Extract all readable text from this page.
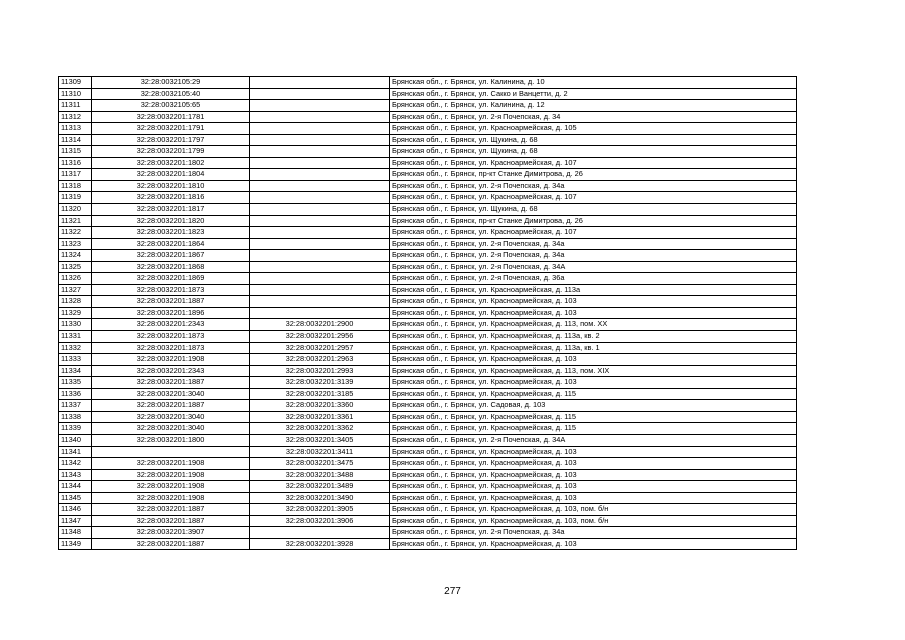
11309	32:28:0032105:29		Брянская обл., г. Брянск, ул. Калинина, д. 10
11310	32:28:0032105:40		Брянская обл., г. Брянск, ул. Сакко и Ванцетти, д. 2
11311	32:28:0032105:65		Брянская обл., г. Брянск, ул. Калинина, д. 12
11312	32:28:0032201:1781		Брянская обл., г. Брянск, ул. 2-я Почепская, д. 34
11313	32:28:0032201:1791		Брянская обл., г. Брянск, ул. Красноармейская, д. 105
11314	32:28:0032201:1797		Брянская обл., г. Брянск, ул. Щукина, д. 68
11315	32:28:0032201:1799		Брянская обл., г. Брянск, ул. Щукина, д. 68
11316	32:28:0032201:1802		Брянская обл., г. Брянск, ул. Красноармейская, д. 107
11317	32:28:0032201:1804		Брянская обл., г. Брянск, пр-кт Станке Димитрова, д. 26
11318	32:28:0032201:1810		Брянская обл., г. Брянск, ул. 2-я Почепская, д. 34а
11319	32:28:0032201:1816		Брянская обл., г. Брянск, ул. Красноармейская, д. 107
11320	32:28:0032201:1817		Брянская обл., г. Брянск, ул. Щукина, д. 68
11321	32:28:0032201:1820		Брянская обл., г. Брянск, пр-кт Станке Димитрова, д. 26
11322	32:28:0032201:1823		Брянская обл., г. Брянск, ул. Красноармейская, д. 107
11323	32:28:0032201:1864		Брянская обл., г. Брянск, ул. 2-я Почепская, д. 34а
11324	32:28:0032201:1867		Брянская обл., г. Брянск, ул. 2-я Почепская, д. 34а
11325	32:28:0032201:1868		Брянская обл., г. Брянск, ул. 2-я Почепская, д. 34А
11326	32:28:0032201:1869		Брянская обл., г. Брянск, ул. 2-я Почепская, д. 36а
11327	32:28:0032201:1873		Брянская обл., г. Брянск, ул. Красноармейская, д. 113а
11328	32:28:0032201:1887		Брянская обл., г. Брянск, ул. Красноармейская, д. 103
11329	32:28:0032201:1896		Брянская обл., г. Брянск, ул. Красноармейская, д. 103
11330	32:28:0032201:2343	32:28:0032201:2900	Брянская обл., г. Брянск, ул. Красноармейская, д. 113, пом. XX
11331	32:28:0032201:1873	32:28:0032201:2956	Брянская обл., г. Брянск, ул. Красноармейская, д. 113а, кв. 2
11332	32:28:0032201:1873	32:28:0032201:2957	Брянская обл., г. Брянск, ул. Красноармейская, д. 113а, кв. 1
11333	32:28:0032201:1908	32:28:0032201:2963	Брянская обл., г. Брянск, ул. Красноармейская, д. 103
11334	32:28:0032201:2343	32:28:0032201:2993	Брянская обл., г. Брянск, ул. Красноармейская, д. 113, пом. XIX
11335	32:28:0032201:1887	32:28:0032201:3139	Брянская обл., г. Брянск, ул. Красноармейская, д. 103
11336	32:28:0032201:3040	32:28:0032201:3185	Брянская обл., г. Брянск, ул. Красноармейская, д. 115
11337	32:28:0032201:1887	32:28:0032201:3360	Брянская обл., г. Брянск, ул. Садовая, д. 103
11338	32:28:0032201:3040	32:28:0032201:3361	Брянская обл., г. Брянск, ул. Красноармейская, д. 115
11339	32:28:0032201:3040	32:28:0032201:3362	Брянская обл., г. Брянск, ул. Красноармейская, д. 115
11340	32:28:0032201:1800	32:28:0032201:3405	Брянская обл., г. Брянск, ул. 2-я Почепская, д. 34А
11341		32:28:0032201:3411	Брянская обл., г. Брянск, ул. Красноармейская, д. 103
11342	32:28:0032201:1908	32:28:0032201:3475	Брянская обл., г. Брянск, ул. Красноармейская, д. 103
11343	32:28:0032201:1908	32:28:0032201:3488	Брянская обл., г. Брянск, ул. Красноармейская, д. 103
11344	32:28:0032201:1908	32:28:0032201:3489	Брянская обл., г. Брянск, ул. Красноармейская, д. 103
11345	32:28:0032201:1908	32:28:0032201:3490	Брянская обл., г. Брянск, ул. Красноармейская, д. 103
11346	32:28:0032201:1887	32:28:0032201:3905	Брянская обл., г. Брянск, ул. Красноармейская, д. 103, пом. б/н
11347	32:28:0032201:1887	32:28:0032201:3906	Брянская обл., г. Брянск, ул. Красноармейская, д. 103, пом. б/н
11348	32:28:0032201:3907		Брянская обл., г. Брянск, ул. 2-я Почепская, д. 34а
11349	32:28:0032201:1887	32:28:0032201:3928	Брянская обл., г. Брянск, ул. Красноармейская, д. 103
277
